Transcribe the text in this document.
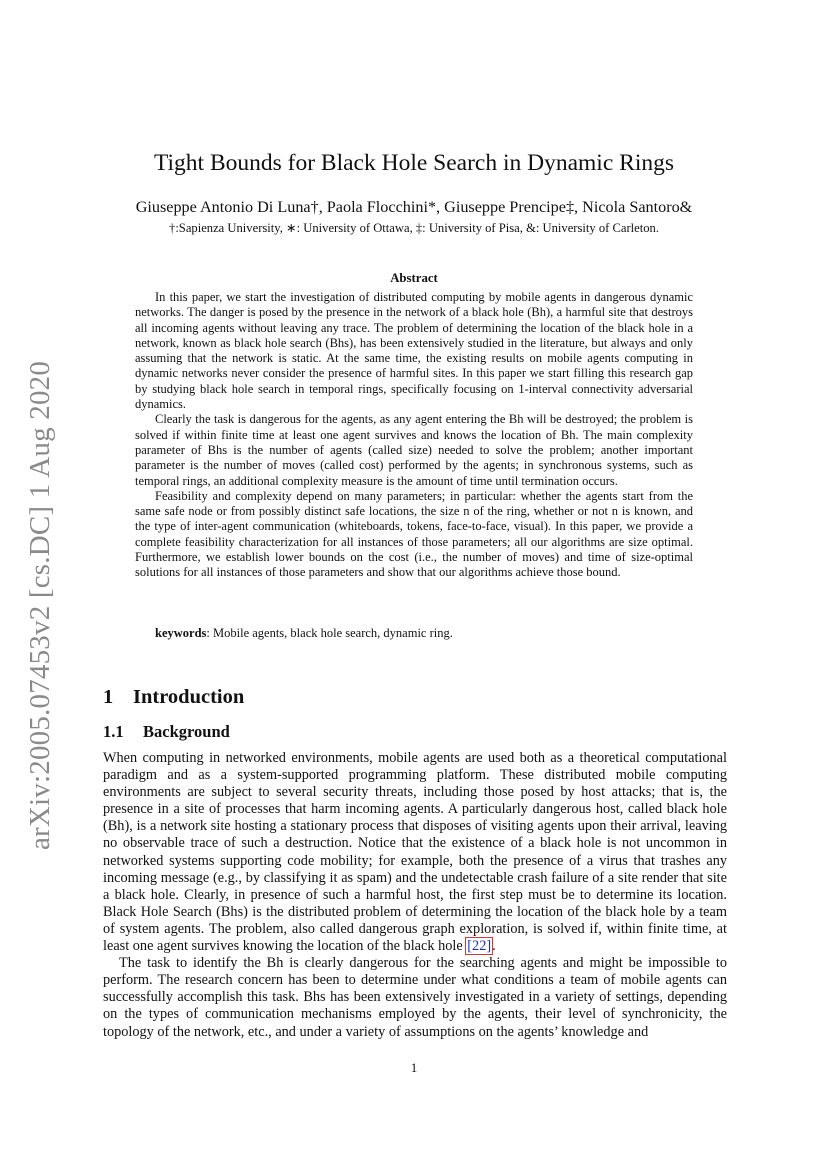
arXiv:2005.07453v2 [cs.DC] 1 Aug 2020
Tight Bounds for Black Hole Search in Dynamic Rings
Giuseppe Antonio Di Luna†, Paola Flocchini*, Giuseppe Prencipe‡, Nicola Santoro&
†:Sapienza University, ∗: University of Ottawa, ‡: University of Pisa, &: University of Carleton.
Abstract

In this paper, we start the investigation of distributed computing by mobile agents in dangerous dynamic networks. The danger is posed by the presence in the network of a black hole (Bh), a harmful site that destroys all incoming agents without leaving any trace. The problem of determining the location of the black hole in a network, known as black hole search (Bhs), has been extensively studied in the literature, but always and only assuming that the network is static. At the same time, the existing results on mobile agents computing in dynamic networks never consider the presence of harmful sites. In this paper we start filling this research gap by studying black hole search in temporal rings, specifically focusing on 1-interval connectivity adversarial dynamics.

Clearly the task is dangerous for the agents, as any agent entering the Bh will be destroyed; the problem is solved if within finite time at least one agent survives and knows the location of Bh. The main complexity parameter of Bhs is the number of agents (called size) needed to solve the problem; another important parameter is the number of moves (called cost) performed by the agents; in synchronous systems, such as temporal rings, an additional complexity measure is the amount of time until termination occurs.

Feasibility and complexity depend on many parameters; in particular: whether the agents start from the same safe node or from possibly distinct safe locations, the size n of the ring, whether or not n is known, and the type of inter-agent communication (whiteboards, tokens, face-to-face, visual). In this paper, we provide a complete feasibility characterization for all instances of those parameters; all our algorithms are size optimal. Furthermore, we establish lower bounds on the cost (i.e., the number of moves) and time of size-optimal solutions for all instances of those parameters and show that our algorithms achieve those bound.

keywords: Mobile agents, black hole search, dynamic ring.
1 Introduction
1.1 Background

When computing in networked environments, mobile agents are used both as a theoretical computational paradigm and as a system-supported programming platform. These distributed mobile computing environments are subject to several security threats, including those posed by host attacks; that is, the presence in a site of processes that harm incoming agents. A particularly dangerous host, called black hole (Bh), is a network site hosting a stationary process that disposes of visiting agents upon their arrival, leaving no observable trace of such a destruction. Notice that the existence of a black hole is not uncommon in networked systems supporting code mobility; for example, both the presence of a virus that trashes any incoming message (e.g., by classifying it as spam) and the undetectable crash failure of a site render that site a black hole. Clearly, in presence of such a harmful host, the first step must be to determine its location. Black Hole Search (Bhs) is the distributed problem of determining the location of the black hole by a team of system agents. The problem, also called dangerous graph exploration, is solved if, within finite time, at least one agent survives knowing the location of the black hole [22].

The task to identify the Bh is clearly dangerous for the searching agents and might be impossible to perform. The research concern has been to determine under what conditions a team of mobile agents can successfully accomplish this task. Bhs has been extensively investigated in a variety of settings, depending on the types of communication mechanisms employed by the agents, their level of synchronicity, the topology of the network, etc., and under a variety of assumptions on the agents’ knowledge and

1
